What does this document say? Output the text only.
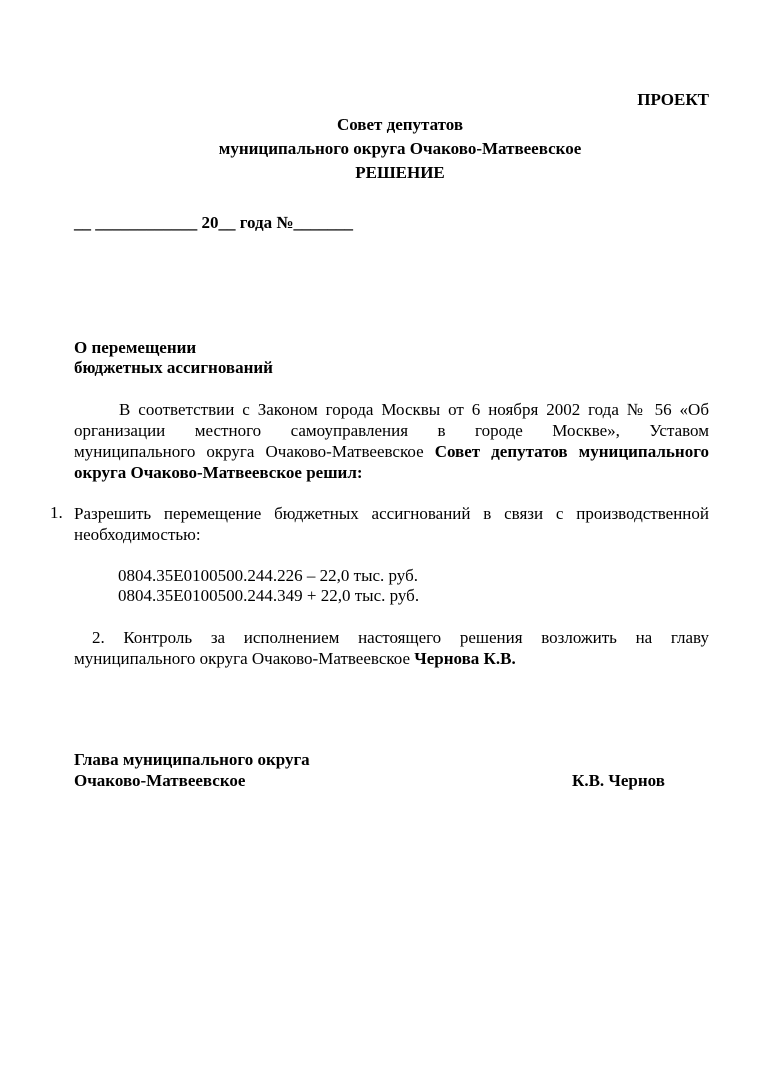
ПРОЕКТ
Совет депутатов
муниципального округа Очаково-Матвеевское
РЕШЕНИЕ
__ ____________ 20__ года №_______
О перемещении
бюджетных ассигнований
В соответствии с Законом города Москвы от 6 ноября 2002 года № 56 «Об
организации местного самоуправления в городе Москве», Уставом
муниципального округа Очаково-Матвеевское Совет депутатов муниципального
округа Очаково-Матвеевское решил:
1. Разрешить перемещение бюджетных ассигнований в связи с производственной
необходимостью:
0804.35Е0100500.244.226 – 22,0 тыс. руб.
0804.35Е0100500.244.349 + 22,0 тыс. руб.
2. Контроль за исполнением настоящего решения возложить на главу
муниципального округа Очаково-Матвеевское Чернова К.В.
Глава муниципального округа
Очаково-Матвеевское	К.В. Чернов
